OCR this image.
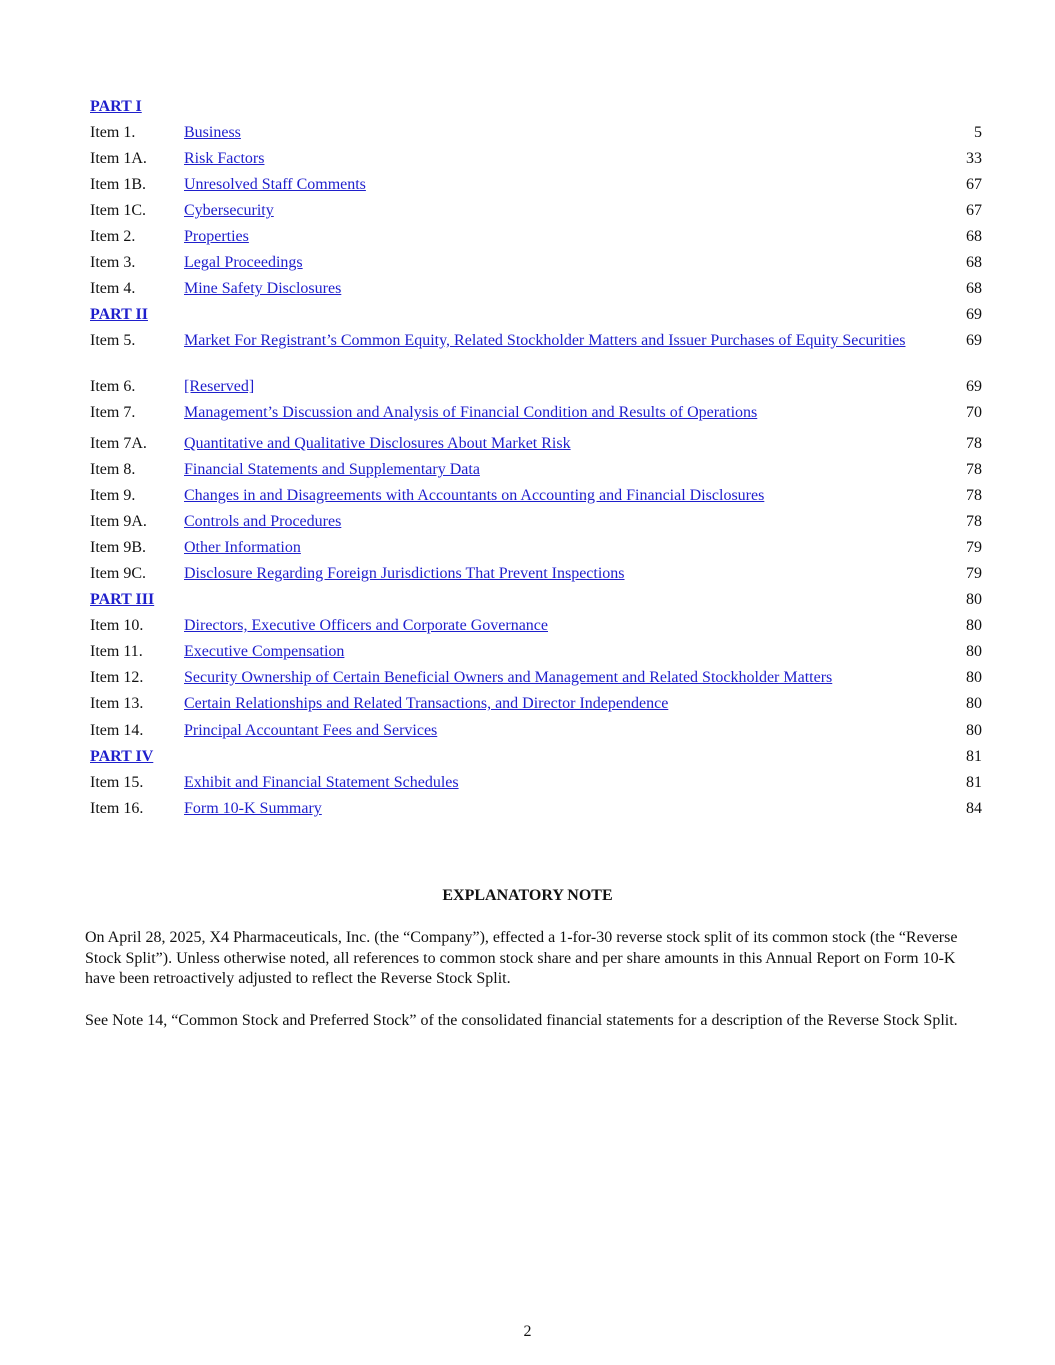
PART I		
Item 1.	Business	5
Item 1A.	Risk Factors	33
Item 1B.	Unresolved Staff Comments	67
Item 1C.	Cybersecurity	67
Item 2.	Properties	68
Item 3.	Legal Proceedings	68
Item 4.	Mine Safety Disclosures	68
PART II		69
Item 5.	Market For Registrant’s Common Equity, Related Stockholder Matters and Issuer Purchases of Equity Securities	69
Item 6.	[Reserved]	69
Item 7.	Management’s Discussion and Analysis of Financial Condition and Results of Operations	70
Item 7A.	Quantitative and Qualitative Disclosures About Market Risk	78
Item 8.	Financial Statements and Supplementary Data	78
Item 9.	Changes in and Disagreements with Accountants on Accounting and Financial Disclosures	78
Item 9A.	Controls and Procedures	78
Item 9B.	Other Information	79
Item 9C.	Disclosure Regarding Foreign Jurisdictions That Prevent Inspections	79
PART III		80
Item 10.	Directors, Executive Officers and Corporate Governance	80
Item 11.	Executive Compensation	80
Item 12.	Security Ownership of Certain Beneficial Owners and Management and Related Stockholder Matters	80
Item 13.	Certain Relationships and Related Transactions, and Director Independence	80
Item 14.	Principal Accountant Fees and Services	80
PART IV		81
Item 15.	Exhibit and Financial Statement Schedules	81
Item 16.	Form 10-K Summary	84
EXPLANATORY NOTE
On April 28, 2025, X4 Pharmaceuticals, Inc. (the “Company”), effected a 1-for-30 reverse stock split of its common stock (the “Reverse Stock Split”). Unless otherwise noted, all references to common stock share and per share amounts in this Annual Report on Form 10-K have been retroactively adjusted to reflect the Reverse Stock Split.
See Note 14, “Common Stock and Preferred Stock” of the consolidated financial statements for a description of the Reverse Stock Split.
2
